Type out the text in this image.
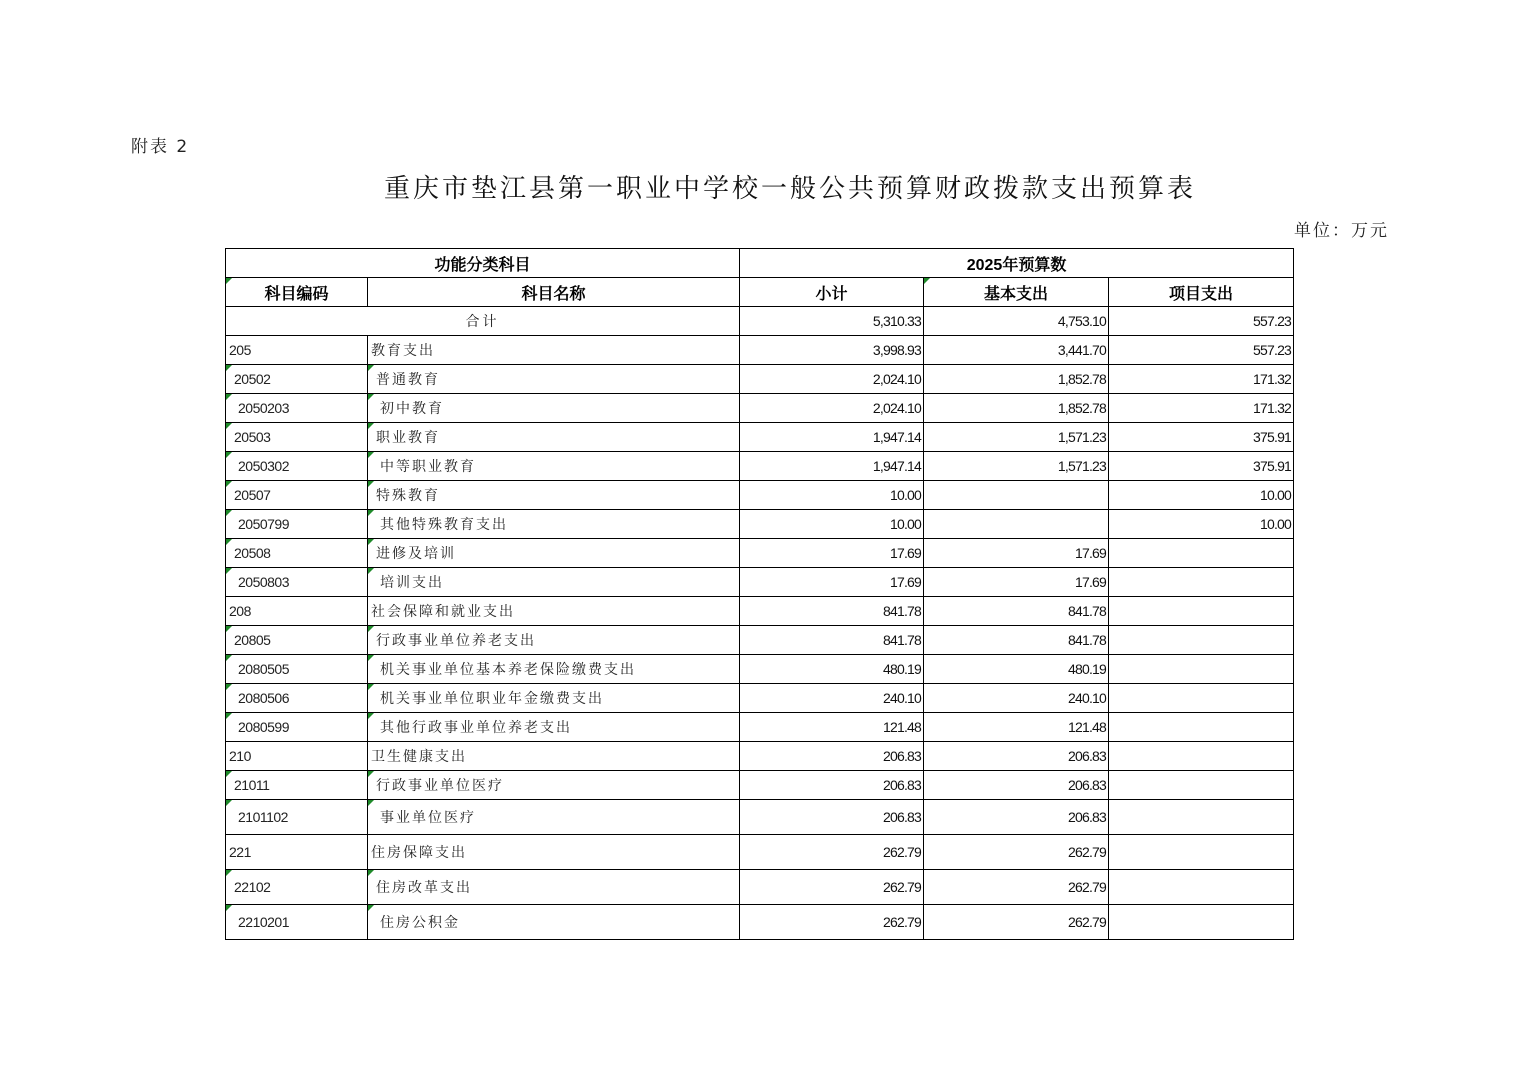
附表 2
重庆市垫江县第一职业中学校一般公共预算财政拨款支出预算表
单位：万元
功能分类科目		2025年预算数		
科目编码	科目名称	小计	基本支出	项目支出
合计		5,310.33	4,753.10	557.23
205	教育支出	3,998.93	3,441.70	557.23
20502	普通教育	2,024.10	1,852.78	171.32
2050203	初中教育	2,024.10	1,852.78	171.32
20503	职业教育	1,947.14	1,571.23	375.91
2050302	中等职业教育	1,947.14	1,571.23	375.91
20507	特殊教育	10.00		10.00
2050799	其他特殊教育支出	10.00		10.00
20508	进修及培训	17.69	17.69	
2050803	培训支出	17.69	17.69	
208	社会保障和就业支出	841.78	841.78	
20805	行政事业单位养老支出	841.78	841.78	
2080505	机关事业单位基本养老保险缴费支出	480.19	480.19	
2080506	机关事业单位职业年金缴费支出	240.10	240.10	
2080599	其他行政事业单位养老支出	121.48	121.48	
210	卫生健康支出	206.83	206.83	
21011	行政事业单位医疗	206.83	206.83	
2101102	事业单位医疗	206.83	206.83	
221	住房保障支出	262.79	262.79	
22102	住房改革支出	262.79	262.79	
2210201	住房公积金	262.79	262.79	
